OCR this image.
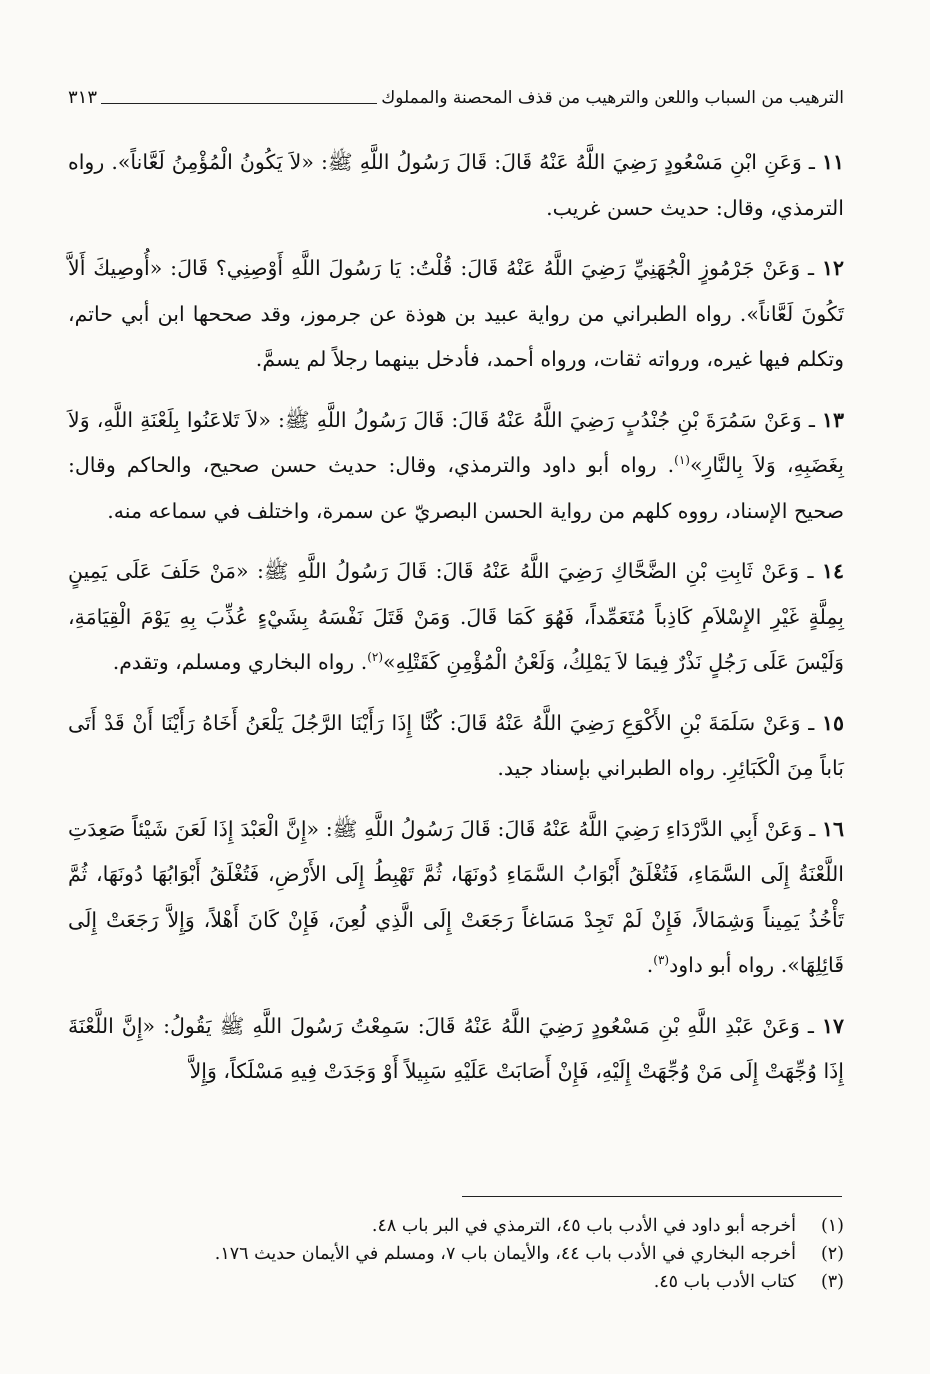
الترهيب من السباب واللعن والترهيب من قذف المحصنة والمملوك
٣١٣

١١ ـ وَعَنِ ابْنِ مَسْعُودٍ رَضِيَ اللَّهُ عَنْهُ قَالَ: قَالَ رَسُولُ اللَّهِ ﷺ: «لاَ يَكُونُ الْمُؤْمِنُ لَعَّاناً». رواه الترمذي، وقال: حديث حسن غريب.

١٢ ـ وَعَنْ جَرْمُوزٍ الْجُهَنِيِّ رَضِيَ اللَّهُ عَنْهُ قَالَ: قُلْتُ: يَا رَسُولَ اللَّهِ أَوْصِنِي؟ قَالَ: «أُوصِيكَ أَلاَّ تَكُونَ لَعَّاناً». رواه الطبراني من رواية عبيد بن هوذة عن جرموز، وقد صححها ابن أبي حاتم، وتكلم فيها غيره، ورواته ثقات، ورواه أحمد، فأدخل بينهما رجلاً لم يسمَّ.

١٣ ـ وَعَنْ سَمُرَةَ بْنِ جُنْدُبٍ رَضِيَ اللَّهُ عَنْهُ قَالَ: قَالَ رَسُولُ اللَّهِ ﷺ: «لاَ تَلاعَنُوا بِلَعْنَةِ اللَّهِ، وَلاَ بِغَضَبِهِ، وَلاَ بِالنَّارِ»$^{(١)}$. رواه أبو داود والترمذي، وقال: حديث حسن صحيح، والحاكم وقال: صحيح الإسناد، رووه كلهم من رواية الحسن البصريّ عن سمرة، واختلف في سماعه منه.

١٤ ـ وَعَنْ ثَابِتِ بْنِ الضَّحَّاكِ رَضِيَ اللَّهُ عَنْهُ قَالَ: قَالَ رَسُولُ اللَّهِ ﷺ: «مَنْ حَلَفَ عَلَى يَمِينٍ بِمِلَّةٍ غَيْرِ الإِسْلاَمِ كَاذِباً مُتَعَمِّداً، فَهُوَ كَمَا قَالَ. وَمَنْ قَتَلَ نَفْسَهُ بِشَيْءٍ عُذِّبَ بِهِ يَوْمَ الْقِيَامَةِ، وَلَيْسَ عَلَى رَجُلٍ نَذْرٌ فِيمَا لاَ يَمْلِكُ، وَلَعْنُ الْمُؤْمِنِ كَقَتْلِهِ»$^{(٢)}$. رواه البخاري ومسلم، وتقدم.

١٥ ـ وَعَنْ سَلَمَةَ بْنِ الأَكْوَعِ رَضِيَ اللَّهُ عَنْهُ قَالَ: كُنَّا إِذَا رَأَيْنَا الرَّجُلَ يَلْعَنُ أَخَاهُ رَأَيْنَا أَنْ قَدْ أَتَى بَاباً مِنَ الْكَبَائِرِ. رواه الطبراني بإسناد جيد.

١٦ ـ وَعَنْ أَبِي الدَّرْدَاءِ رَضِيَ اللَّهُ عَنْهُ قَالَ: قَالَ رَسُولُ اللَّهِ ﷺ: «إِنَّ الْعَبْدَ إِذَا لَعَنَ شَيْئاً صَعِدَتِ اللَّعْنَةُ إِلَى السَّمَاءِ، فَتُغْلَقُ أَبْوَابُ السَّمَاءِ دُونَهَا، ثُمَّ تَهْبِطُ إِلَى الأَرْضِ، فَتُغْلَقُ أَبْوَابُهَا دُونَهَا، ثُمَّ تَأْخُذُ يَمِيناً وَشِمَالاً، فَإِنْ لَمْ تَجِدْ مَسَاغاً رَجَعَتْ إِلَى الَّذِي لُعِنَ، فَإِنْ كَانَ أَهْلاً، وَإِلاَّ رَجَعَتْ إِلَى قَائِلِهَا». رواه أبو داود$^{(٣)}$.

١٧ ـ وَعَنْ عَبْدِ اللَّهِ بْنِ مَسْعُودٍ رَضِيَ اللَّهُ عَنْهُ قَالَ: سَمِعْتُ رَسُولَ اللَّهِ ﷺ يَقُولُ: «إِنَّ اللَّعْنَةَ إِذَا وُجِّهَتْ إِلَى مَنْ وُجِّهَتْ إِلَيْهِ، فَإِنْ أَصَابَتْ عَلَيْهِ سَبِيلاً أَوْ وَجَدَتْ فِيهِ مَسْلَكاً، وَإِلاَّ

(١)
أخرجه أبو داود في الأدب باب ٤٥، الترمذي في البر باب ٤٨.
(٢)
أخرجه البخاري في الأدب باب ٤٤، والأيمان باب ٧، ومسلم في الأيمان حديث ١٧٦.
(٣)
كتاب الأدب باب ٤٥.
